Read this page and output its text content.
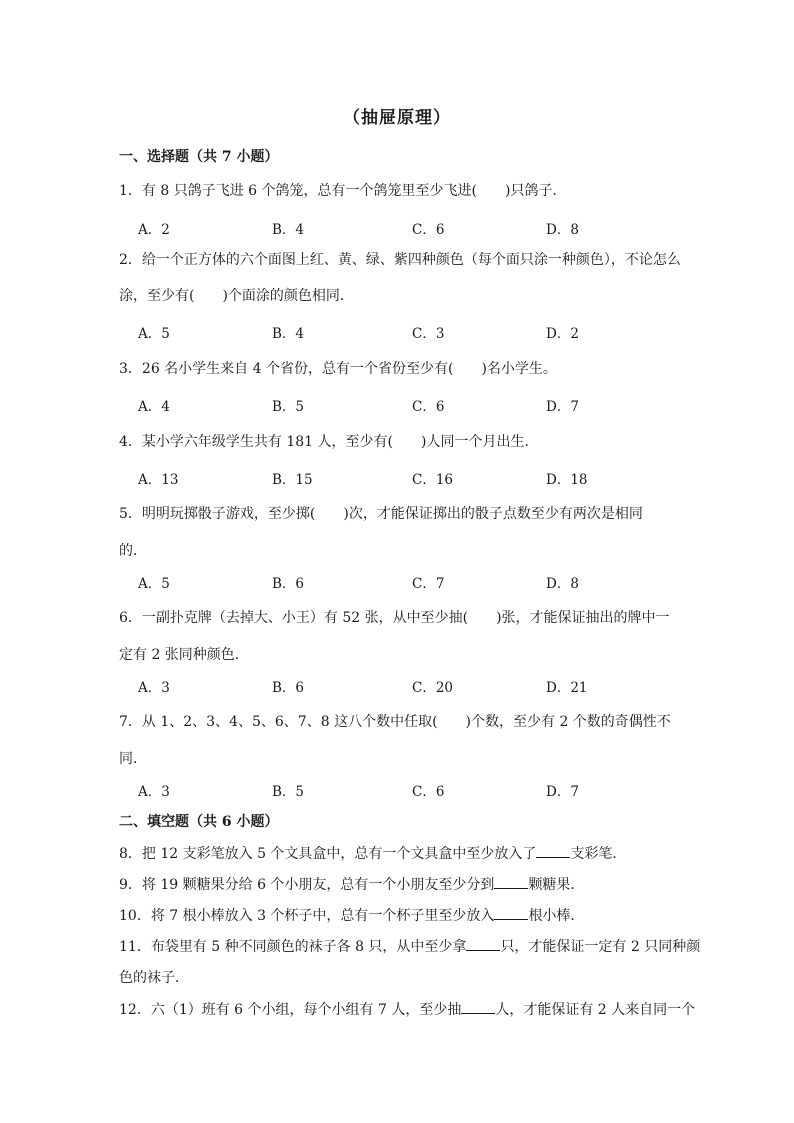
（抽屉原理）
一、选择题（共 7 小题）
1．有 8 只鸽子飞进 6 个鸽笼，总有一个鸽笼里至少飞进(　　)只鸽子．
A．2	B．4	C．6	D．8
2．给一个正方体的六个面图上红、黄、绿、紫四种颜色（每个面只涂一种颜色），不论怎么
涂，至少有(　　)个面涂的颜色相同．
A．5	B．4	C．3	D．2
3．26 名小学生来自 4 个省份，总有一个省份至少有(　　)名小学生。
A．4	B．5	C．6	D．7
4．某小学六年级学生共有 181 人，至少有(　　)人同一个月出生．
A．13	B．15	C．16	D．18
5．明明玩掷骰子游戏，至少掷(　　)次，才能保证掷出的骰子点数至少有两次是相同
的．
A．5	B．6	C．7	D．8
6．一副扑克牌（去掉大、小王）有 52 张，从中至少抽(　　)张，才能保证抽出的牌中一
定有 2 张同种颜色．
A．3	B．6	C．20	D．21
7．从 1、2、3、4、5、6、7、8 这八个数中任取(　　)个数，至少有 2 个数的奇偶性不
同．
A．3	B．5	C．6	D．7
二、填空题（共 6 小题）
8．把 12 支彩笔放入 5 个文具盒中，总有一个文具盒中至少放入了 支彩笔．
9．将 19 颗糖果分给 6 个小朋友，总有一个小朋友至少分到 颗糖果．
10．将 7 根小棒放入 3 个杯子中，总有一个杯子里至少放入 根小棒．
11．布袋里有 5 种不同颜色的袜子各 8 只，从中至少拿 只，才能保证一定有 2 只同种颜
色的袜子．
12．六（1）班有 6 个小组，每个小组有 7 人，至少抽 人，才能保证有 2 人来自同一个
